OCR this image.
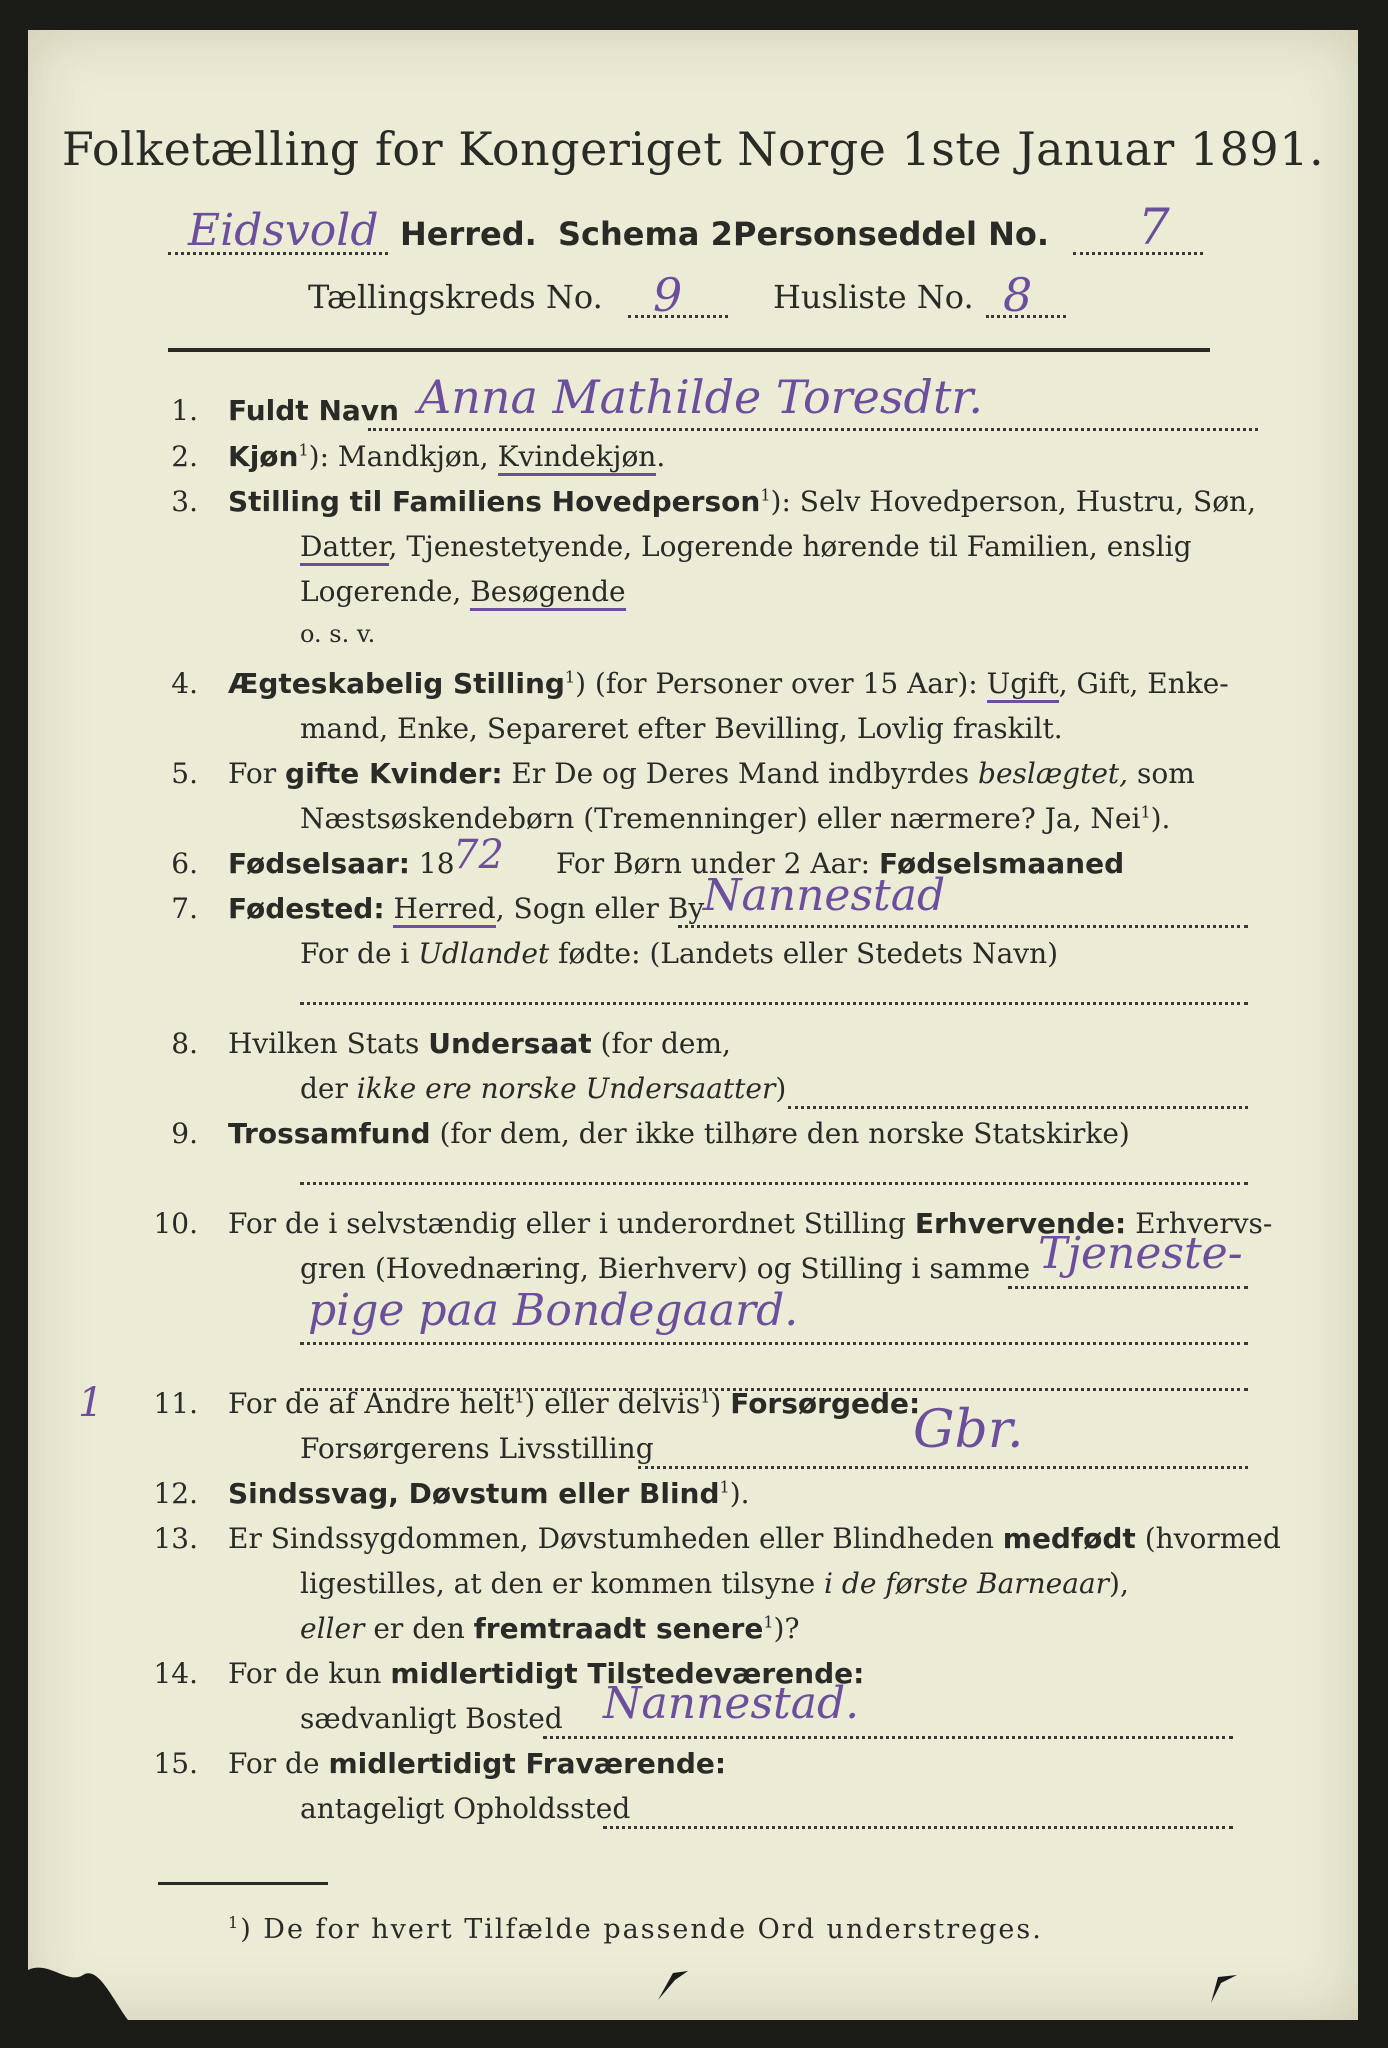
Folketælling for Kongeriget Norge 1ste Januar 1891.
Eidsvold Herred. Schema 2.
Personseddel No. 7
Tællingskreds No. 9	Husliste No. 8
1. Fuldt Navn Anna Mathilde Toresdtr.
2. Kjøn$^1$): Mandkjøn, Kvindekjøn.
3. Stilling til Familiens Hovedperson$^1$): Selv Hovedperson, Hustru, Søn,
Datter, Tjenestetyende, Logerende hørende til Familien, enslig
Logerende, Besøgende
o. s. v.
4. Ægteskabelig Stilling$^1$) (for Personer over 15 Aar): Ugift, Gift, Enke-
mand, Enke, Separeret efter Bevilling, Lovlig fraskilt.
5. For gifte Kvinder: Er De og Deres Mand indbyrdes beslægtet, som
Næstsøskendebørn (Tremenninger) eller nærmere? Ja, Nei$^1$).
6. Fødselsaar: 18
72 For Børn under 2 Aar: Fødselsmaaned
7. Fødested: Herred, Sogn eller By
Nannestad
For de i Udlandet fødte: (Landets eller Stedets Navn)
8. Hvilken Stats Undersaat (for dem,
der ikke ere norske Undersaatter)
9. Trossamfund (for dem, der ikke tilhøre den norske Statskirke)
10. For de i selvstændig eller i underordnet Stilling Erhvervende: Erhvervs-
gren (Hovednæring, Bierhverv) og Stilling i samme Tjeneste-
pige paa Bondegaard.
1	11. For de af Andre helt$^1$) eller delvis$^1$) Forsørgede:
Forsørgerens Livsstilling	Gbr.
12. Sindssvag, Døvstum eller Blind$^1$).
13. Er Sindssygdommen, Døvstumheden eller Blindheden medfødt (hvormed
ligestilles, at den er kommen tilsyne i de første Barneaar),
eller er den fremtraadt senere$^1$)?
14. For de kun midlertidigt Tilstedeværende:
sædvanligt Bosted Nannestad.
15. For de midlertidigt Fraværende:
antageligt Opholdssted
$^1$) De for hvert Tilfælde passende Ord understreges.
